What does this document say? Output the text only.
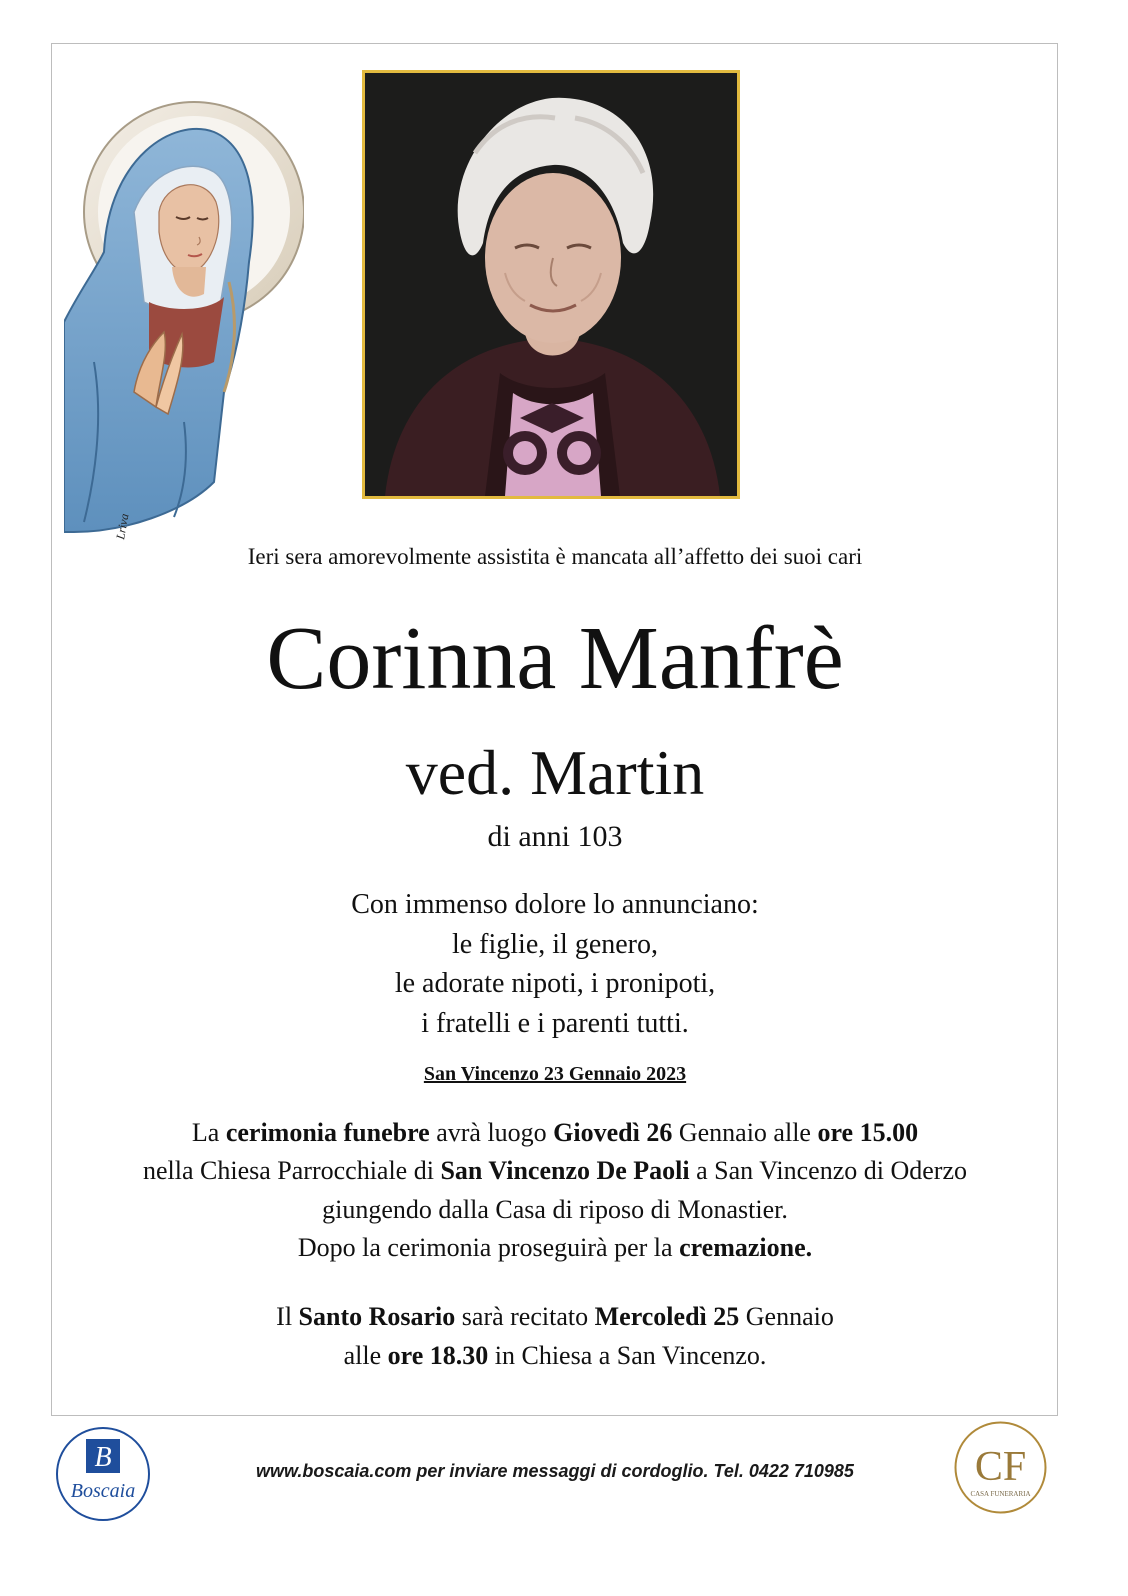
Lriva
Ieri sera amorevolmente assistita è mancata all’affetto dei suoi cari
Corinna Manfrè
ved. Martin
di anni 103
Con immenso dolore lo annunciano:
le figlie, il genero,
le adorate nipoti, i pronipoti,
i fratelli e i parenti tutti.
San Vincenzo 23 Gennaio 2023
La cerimonia funebre avrà luogo Giovedì 26 Gennaio alle ore 15.00
nella Chiesa Parrocchiale di San Vincenzo De Paoli a San Vincenzo di Oderzo
giungendo dalla Casa di riposo di Monastier.
Dopo la cerimonia proseguirà per la cremazione.
Il Santo Rosario sarà recitato Mercoledì 25 Gennaio
alle ore 18.30 in Chiesa a San Vincenzo.
B
Boscaia
www.boscaia.com per inviare messaggi di cordoglio. Tel. 0422 710985	CF
CASA FUNERARIA
